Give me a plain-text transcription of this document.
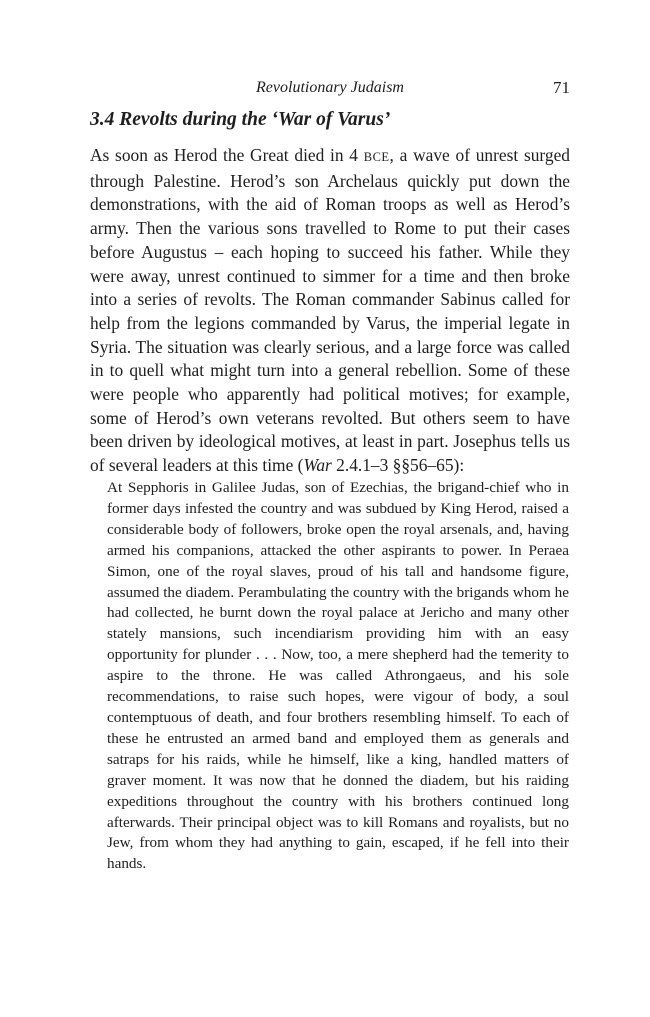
Revolutionary Judaism	71
3.4 Revolts during the ‘War of Varus’

As soon as Herod the Great died in 4 BCE, a wave of unrest surged through Palestine. Herod’s son Archelaus quickly put down the demonstrations, with the aid of Roman troops as well as Herod’s army. Then the various sons travelled to Rome to put their cases before Augustus – each hoping to succeed his father. While they were away, unrest continued to simmer for a time and then broke into a series of revolts. The Roman commander Sabinus called for help from the legions commanded by Varus, the imperial legate in Syria. The situation was clearly serious, and a large force was called in to quell what might turn into a general rebellion. Some of these were people who apparently had political motives; for example, some of Herod’s own veterans revolted. But others seem to have been driven by ideological motives, at least in part. Josephus tells us of several leaders at this time (War 2.4.1–3 §§56–65):

At Sepphoris in Galilee Judas, son of Ezechias, the brigand-chief who in former days infested the country and was subdued by King Herod, raised a considerable body of followers, broke open the royal arsenals, and, having armed his companions, attacked the other aspirants to power. In Peraea Simon, one of the royal slaves, proud of his tall and handsome figure, assumed the diadem. Perambulating the country with the brigands whom he had collected, he burnt down the royal palace at Jericho and many other stately mansions, such incendiarism providing him with an easy opportunity for plunder . . . Now, too, a mere shepherd had the temerity to aspire to the throne. He was called Athrongaeus, and his sole recommendations, to raise such hopes, were vigour of body, a soul contemptuous of death, and four brothers resembling himself. To each of these he entrusted an armed band and employed them as generals and satraps for his raids, while he himself, like a king, handled matters of graver moment. It was now that he donned the diadem, but his raiding expeditions throughout the country with his brothers continued long afterwards. Their principal object was to kill Romans and royalists, but no Jew, from whom they had anything to gain, escaped, if he fell into their hands.
